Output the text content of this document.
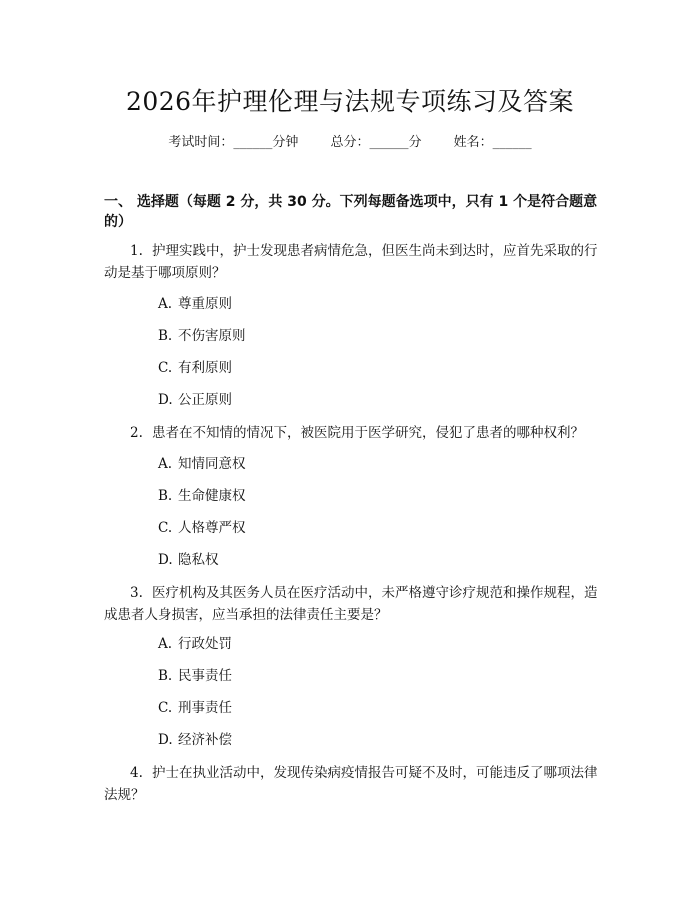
2026年护理伦理与法规专项练习及答案
考试时间：______分钟 总分：______分 姓名：______
一、 选择题（每题 2 分，共 30 分。下列每题备选项中，只有 1 个是符合题意的）
1. 护理实践中，护士发现患者病情危急，但医生尚未到达时，应首先采取的行动是基于哪项原则？
A. 尊重原则
B. 不伤害原则
C. 有利原则
D. 公正原则
2. 患者在不知情的情况下，被医院用于医学研究，侵犯了患者的哪种权利？
A. 知情同意权
B. 生命健康权
C. 人格尊严权
D. 隐私权
3. 医疗机构及其医务人员在医疗活动中，未严格遵守诊疗规范和操作规程，造成患者人身损害，应当承担的法律责任主要是？
A. 行政处罚
B. 民事责任
C. 刑事责任
D. 经济补偿
4. 护士在执业活动中，发现传染病疫情报告可疑不及时，可能违反了哪项法律法规？
